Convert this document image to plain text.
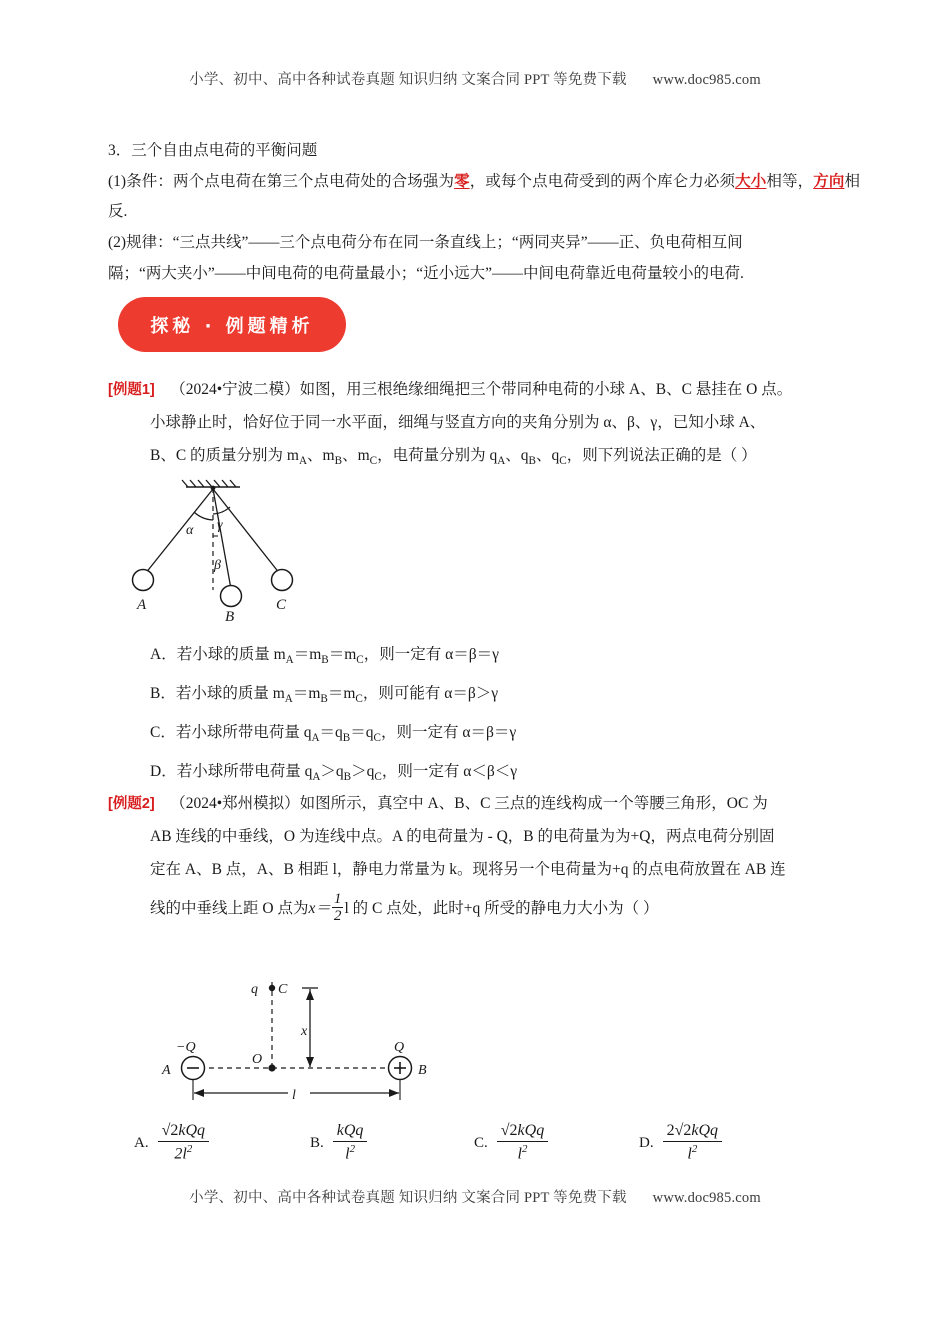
小学、初中、高中各种试卷真题 知识归纳 文案合同 PPT 等免费下载 www.doc985.com

3．三个自由点电荷的平衡问题

(1)条件：两个点电荷在第三个点电荷处的合场强为零，或每个点电荷受到的两个库仑力必须大小相等，方向相反.

(2)规律：“三点共线”——三个点电荷分布在同一条直线上；“两同夹异”——正、负电荷相互间

隔；“两大夹小”——中间电荷的电荷量最小；“近小远大”——中间电荷靠近电荷量较小的电荷.

探秘 · 例题精析

[例题1] （2024•宁波二模）如图，用三根绝缘细绳把三个带同种电荷的小球 A、B、C 悬挂在 O 点。

小球静止时，恰好位于同一水平面，细绳与竖直方向的夹角分别为 α、β、γ，已知小球 A、

B、C 的质量分别为 $m_A$、$m_B$、$m_C$，电荷量分别为 $q_A$、$q_B$、$q_C$，则下列说法正确的是（ ）

A
B
C
α γ
β

A．若小球的质量 $m_A=m_B=m_C$，则一定有 α＝β＝γ

B．若小球的质量 $m_A=m_B=m_C$，则可能有 α＝β＞γ

C．若小球所带电荷量 $q_A=q_B=q_C$，则一定有 α＝β＝γ

D．若小球所带电荷量 $q_A>q_B>q_C$，则一定有 α＜β＜γ

[例题2] （2024•郑州模拟）如图所示，真空中 A、B、C 三点的连线构成一个等腰三角形，OC 为

AB 连线的中垂线，O 为连线中点。A 的电荷量为 - Q，B 的电荷量为为+Q，两点电荷分别固

定在 A、B 点，A、B 相距 l，静电力常量为 k。现将另一个电荷量为+q 的点电荷放置在 AB 连

线的中垂线上距 O 点为$x= \frac{1}{2}$ l 的 C 点处，此时+q 所受的静电力大小为（ ）

q C
O
x
l
−Q	Q
A	B
A. $\frac{\text{√2kQq}}{2l^2}$	B. $\frac{\text{kQq}}{l^2}$	C. $\frac{\text{√2kQq}}{l^2}$	D. $\frac{\text{2√2kQq}}{l^2}$
小学、初中、高中各种试卷真题 知识归纳 文案合同 PPT 等免费下载 www.doc985.com
